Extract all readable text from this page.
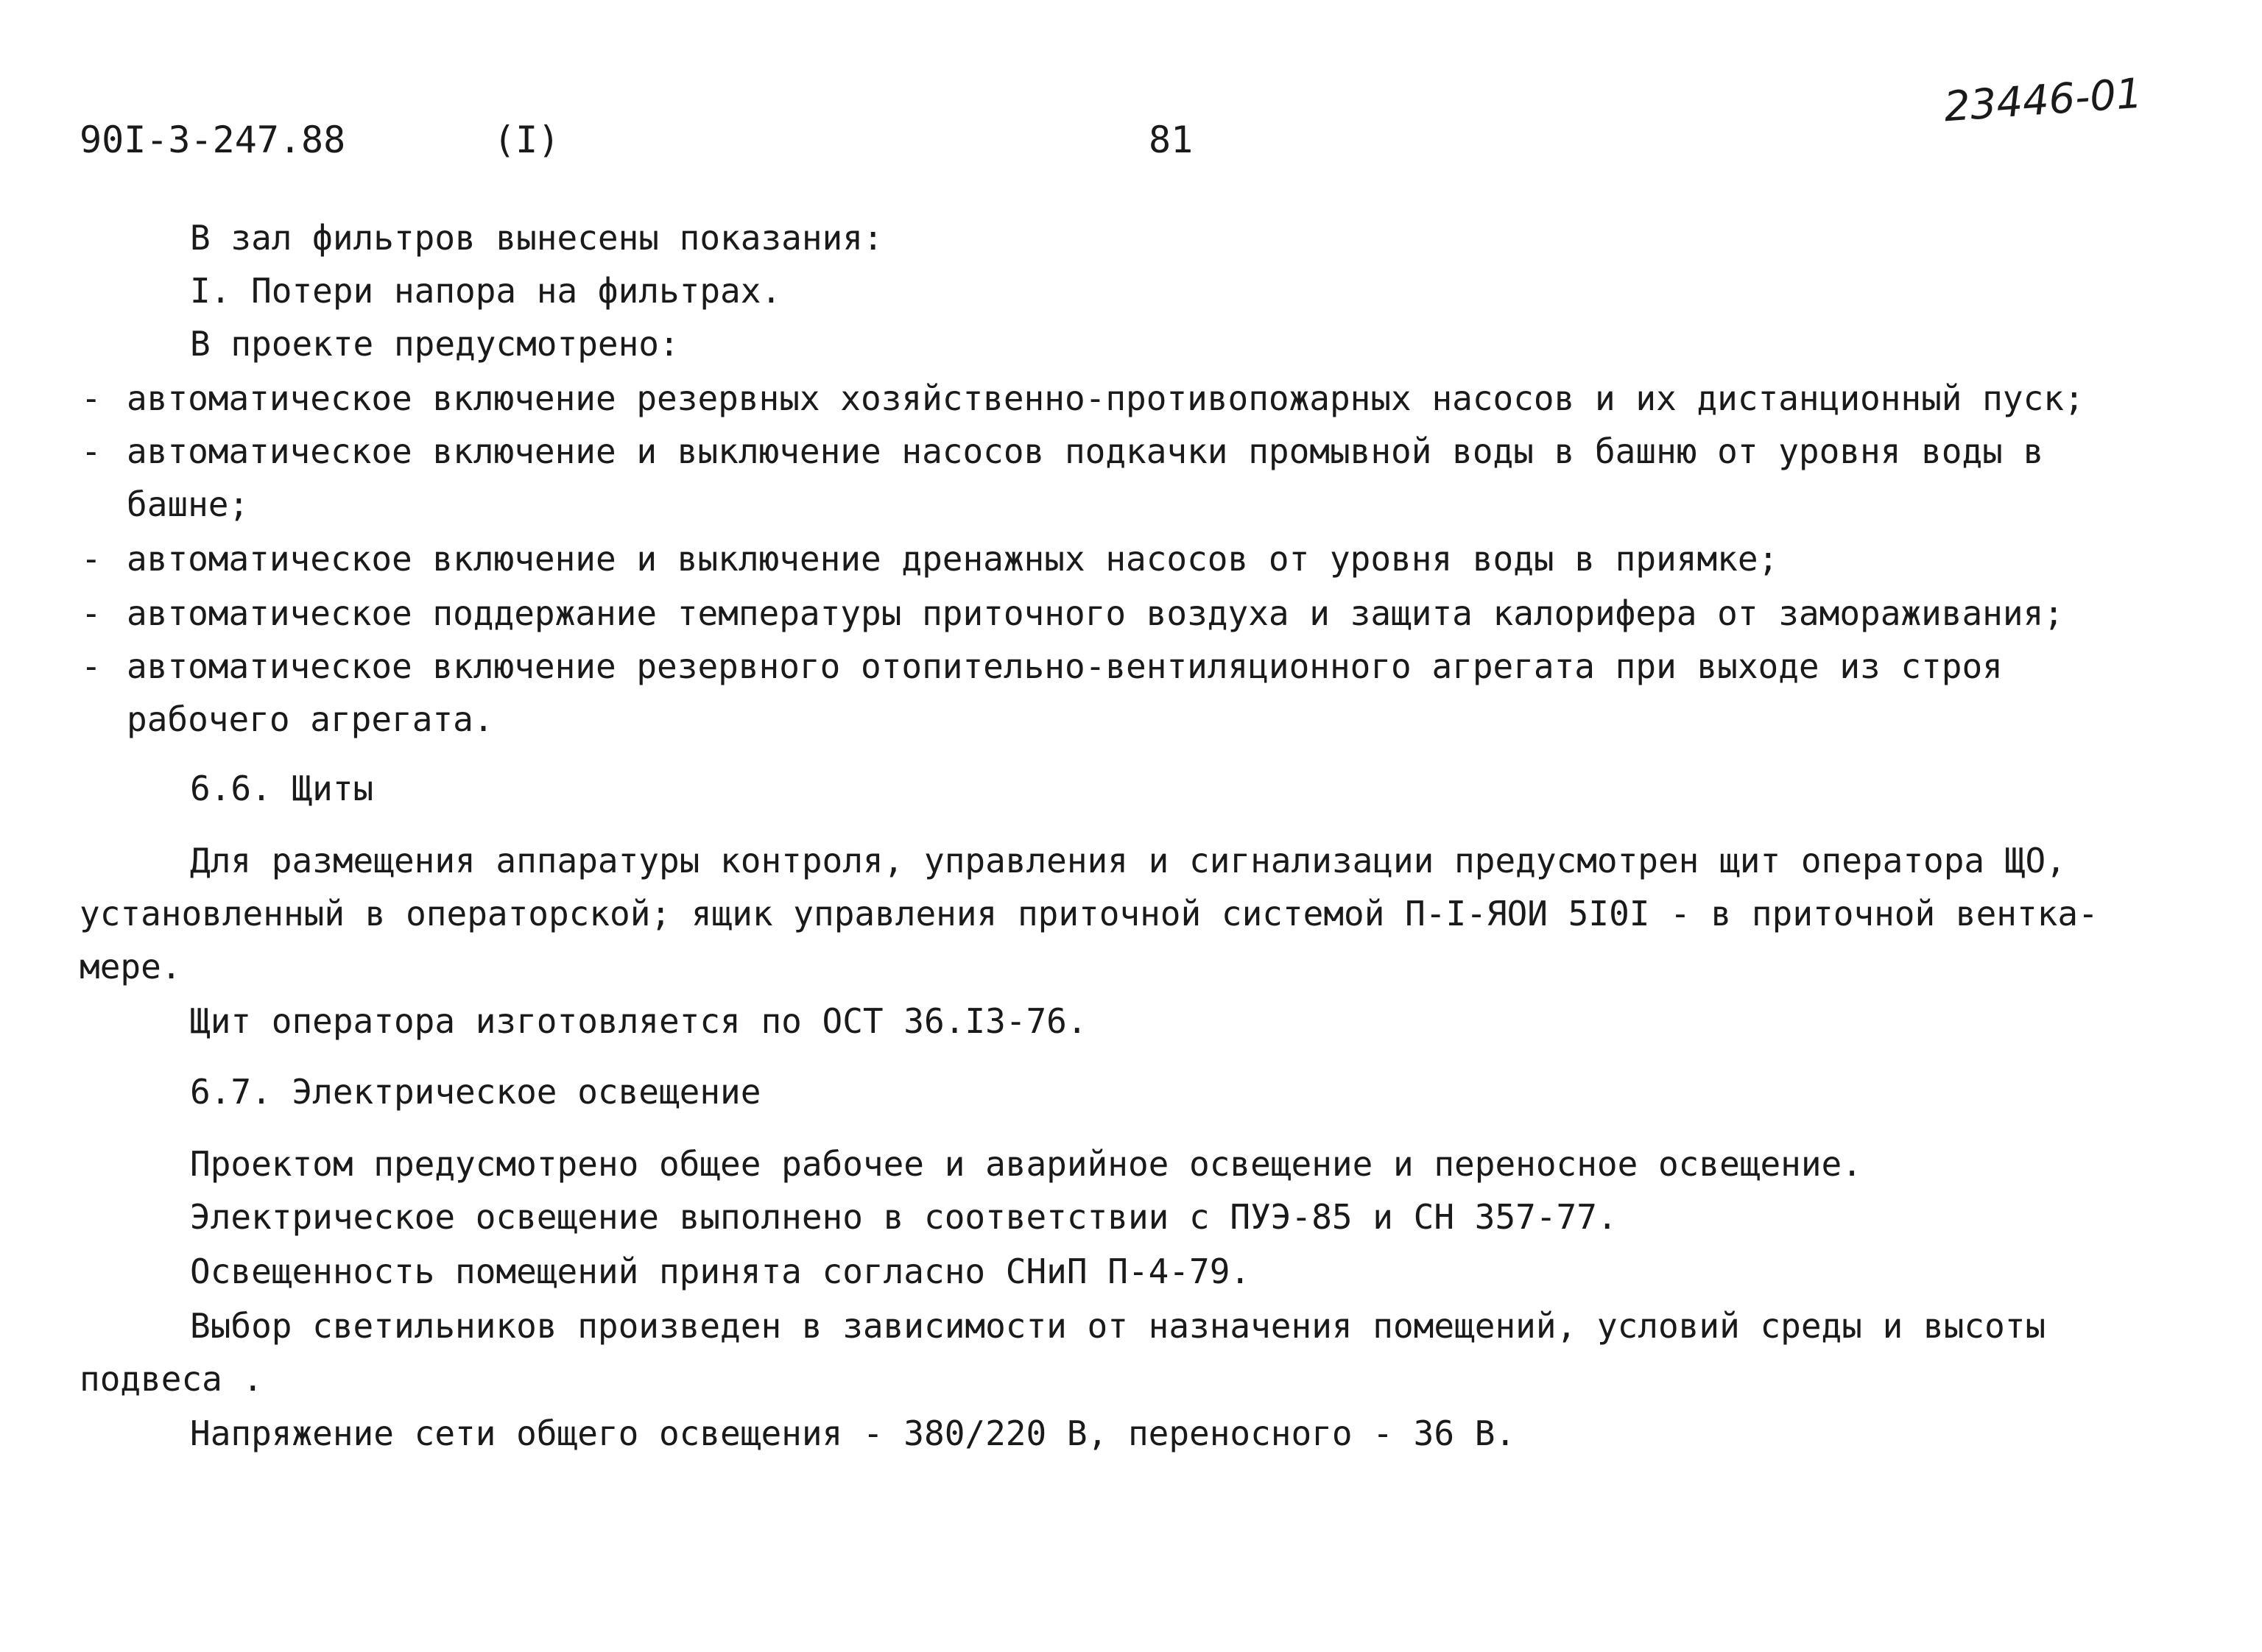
90I-3-247.88	(I)	81
23446-01
В зал фильтров вынесены показания:
I. Потери напора на фильтрах.
В проекте предусмотрено:
- автоматическое включение резервных хозяйственно-противопожарных насосов и их дистанционный пуск;
- автоматическое включение и выключение насосов подкачки промывной воды в башню от уровня воды в
башне;
- автоматическое включение и выключение дренажных насосов от уровня воды в приямке;
- автоматическое поддержание температуры приточного воздуха и защита калорифера от замораживания;
- автоматическое включение резервного отопительно-вентиляционного агрегата при выходе из строя
рабочего агрегата.
6.6. Щиты
Для размещения аппаратуры контроля, управления и сигнализации предусмотрен щит оператора ЩО,
установленный в операторской; ящик управления приточной системой П-I-ЯОИ 5I0I - в приточной вентка-
мере.
Щит оператора изготовляется по ОСТ 36.I3-76.
6.7. Электрическое освещение
Проектом предусмотрено общее рабочее и аварийное освещение и переносное освещение.
Электрическое освещение выполнено в соответствии с ПУЭ-85 и СН 357-77.
Освещенность помещений принята согласно СНиП П-4-79.
Выбор светильников произведен в зависимости от назначения помещений, условий среды и высоты
подвеса .
Напряжение сети общего освещения - 380/220 В, переносного - 36 В.
